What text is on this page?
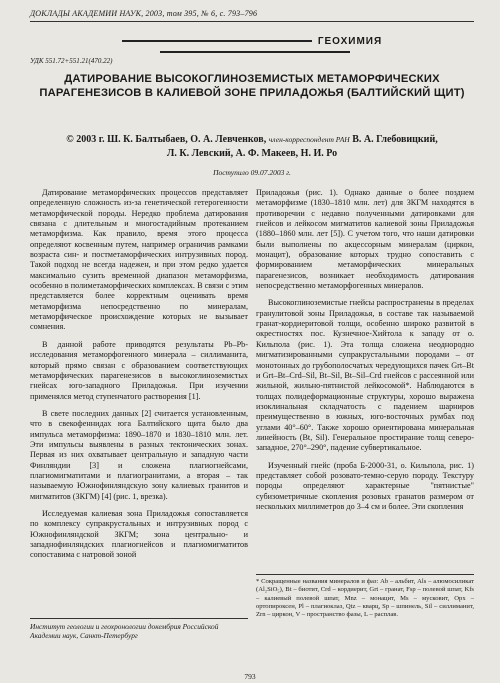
ДОКЛАДЫ АКАДЕМИИ НАУК, 2003, том 395, № 6, с. 793–796
ГЕОХИМИЯ
УДК 551.72+551.21(470.22)
ДАТИРОВАНИЕ ВЫСОКОГЛИНОЗЕМИСТЫХ МЕТАМОРФИЧЕСКИХ ПАРАГЕНЕЗИСОВ В КАЛИЕВОЙ ЗОНЕ ПРИЛАДОЖЬЯ (БАЛТИЙСКИЙ ЩИТ)
© 2003 г. Ш. К. Балтыбаев, О. А. Левченков, член-корреспондент РАН В. А. Глебовицкий,
Л. К. Левский, А. Ф. Макеев, Н. И. Ро
Поступило 09.07.2003 г.

Датирование метаморфических процессов представляет определенную сложность из-за генетической гетерогенности метаморфической породы. Нередко проблема датирования связана с длительным и многостадийным протеканием метаморфизма. Как правило, время этого процесса определяют косвенным путем, например ограничив рамками возраста син- и постметаморфических интрузивных пород. Такой подход не всегда надежен, и при этом редко удается максимально сузить временной диапазон метаморфизма, особенно в полиметаморфических комплексах. В связи с этим представляется более корректным оценивать время метаморфизма непосредственно по минералам, метаморфическое происхождение которых не вызывает сомнения.

В данной работе приводятся результаты Pb–Pb-исследования метаморфогенного минерала – силлиманита, который прямо связан с образованием соответствующих метаморфических парагенезисов в высокоглиноземистых гнейсах юго-западного Приладожья. При изучении применялся метод ступенчатого растворения [1].

В свете последних данных [2] считается установленным, что в свекофеннидах юга Балтийского щита было два импульса метаморфизма: 1890–1870 и 1830–1810 млн. лет. Эти импульсы выявлены в разных тектонических зонах. Первая из них охватывает центральную и западную части Финляндии [3] и сложена плагиогнейсами, плагиомигматитами и плагиогранитами, а вторая – так называемую Южнофинляндскую зону калиевых гранитов и мигматитов (ЗКГМ) [4] (рис. 1, врезка).

Исследуемая калиевая зона Приладожья сопоставляется по комплексу супракрустальных и интрузивных пород с Южнофинляндской ЗКГМ; зона центрально- и западнофинляндских плагиогнейсов и плагиомигматитов сопоставима с натровой зоной

Приладожья (рис. 1). Однако данные о более позднем метаморфизме (1830–1810 млн. лет) для ЗКГМ находятся в противоречии с недавно полученными датировками для гнейсов и лейкосом мигматитов калиевой зоны Приладожья (1880–1860 млн. лет [5]). С учетом того, что наши датировки были выполнены по акцессорным минералам (циркон, монацит), образование которых трудно сопоставить с формированием метаморфических минеральных парагенезисов, возникает необходимость датирования непосредственно метаморфогенных минералов.

Высокоглиноземистые гнейсы распространены в пределах гранулитовой зоны Приладожья, в составе так называемой гранат-кордиеритовой толщи, особенно широко развитой в окрестностях пос. Кузнечное-Хийтола к западу от о. Кильпола (рис. 1). Эта толща сложена неоднородно мигматизированными супракрустальными породами – от монотонных до грубополосчатых чередующихся пачек Grt–Bt и Grt–Bt–Crd–Sil, Bt–Sil, Bt–Sil–Crd гнейсов с рассеянной или жильной, жильно-пятнистой лейкосомой*. Наблюдаются в толщах полидеформационные структуры, хорошо выражена изоклинальная складчатость с падением шарниров преимущественно в южных, юго-восточных румбах под углами 40°–60°. Также хорошо ориентирована минеральная линейность (Bt, Sil). Генеральное простирание толщ северо-западное, 270°–290°, падение субвертикальное.

Изученный гнейс (проба Б-2000-31, о. Кильпола, рис. 1) представляет собой розовато-темно-серую породу. Текстуру породы определяют характерные "пятнистые" субизометричные скопления розовых гранатов размером от нескольких миллиметров до 3–4 см и более. Эти скопления

* Сокращенные названия минералов и фаз: Ab – альбит, Als – алюмосиликат (Al₂SiO₅), Bt – биотит, Crd – кордиерит, Grt – гранат, Fsp – полевой шпат, Kfs – калиевый полевой шпат, Mnz – монацит, Ms – мусковит, Opx – ортопироксен, Pl – плагиоклаз, Qtz – кварц, Sp – шпинель, Sil – силлиманит, Zrn – циркон, V – пространство фазы, L – расплав.
Институт геологии и геохронологии докембрия Российской Академии наук, Санкт-Петербург
793
